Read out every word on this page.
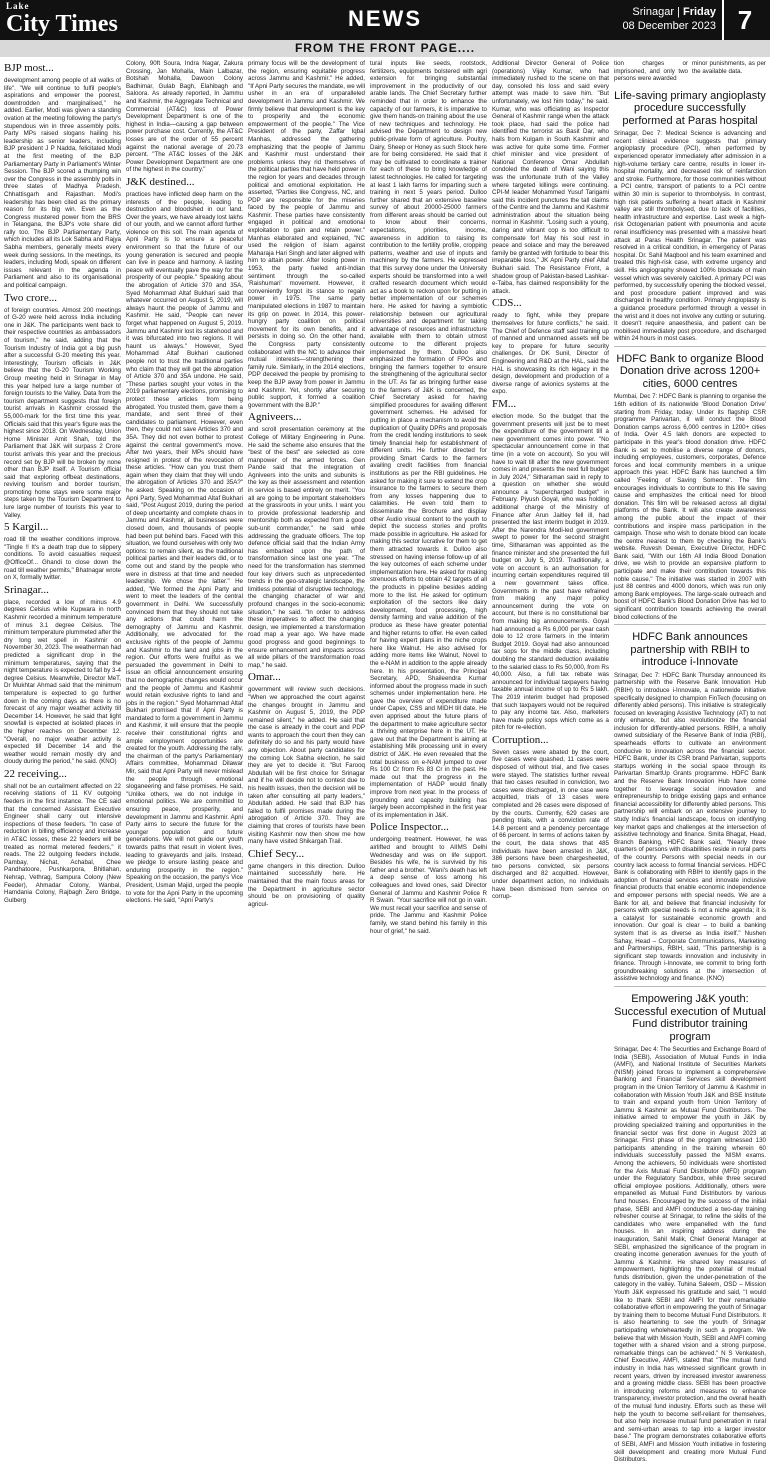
Lake
City Times	NEWS	Srinagar | Friday
08 December 2023 7
FROM THE FRONT PAGE....
BJP most...

development among people of all walks of life". "We will continue to fulfil people's aspirations and empower the poorest, downtrodden and marginalised," he added. Earlier, Modi was given a standing ovation at the meeting following the party's stupendous win in three assembly polls. Party MPs raised slogans hailing his leadership as senior leaders, including BJP president J P Nadda, felicitated Modi at the first meeting of the BJP Parliamentary Party in Parliament's Winter Session. The BJP scored a thumping win over the Congress in the assembly polls in three states of Madhya Pradesh, Chhattisgarh and Rajasthan. Modi's leadership has been cited as the primary reason for its big win. Even as the Congress mustered power from the BRS in Telangana, the BJP's vote share did rally too. The BJP Parliamentary Party, which includes all its Lok Sabha and Rajya Sabha members, generally meets every week during sessions. In the meetings, its leaders, including Modi, speak on different issues relevant in the agenda in Parliament and also to its organisational and political campaign.

Two crore...

of foreign countries. Almost 200 meetings of G-20 were held across India including one in J&K. The participants went back to their respective countries as ambassadors of tourism," he said, adding that the Tourism Industry of India got a big push after a successful G-20 meeting this year. Interestingly, Tourism officials in J&K believe that the G-20 Tourism Working Group meeting held in Srinagar in May this year helped lure a large number of foreign tourists to the Valley. Data from the tourism department suggests that foreign tourist arrivals in Kashmir crossed the 55,000-mark for the first time this year. Officials said that this year's figure was the highest since 2018. On Wednesday, Union Home Minister Amit Shah, told the Parliament that J&K will surpass 2 Crore tourist arrivals this year and the precious record set by BJP will be broken by none other than BJP itself. A Tourism official said that exploring offbeat destinations, reviving tourism and border tourism, promoting home stays were some major steps taken by the Tourism Department to lure large number of tourists this year to Valley.

5 Kargil...

road till the weather conditions improve. "Tingle !! It's a death trap due to slippery conditions. To avoid casualties request @OfficeOf... Ghandi to close down the road till weather permits," Bhatnagar wrote on X, formally twitter.

Srinagar...

place, recorded a low of minus 4.9 degrees Celsius while Kupwara in north Kashmir recorded a minimum temperature of minus 3.1 degree Celsius. The minimum temperature plummeted after the dry long wet spell in Kashmir on November 30, 2023. The weatherman had predicted a significant drop in the minimum temperatures, saying that the night temperature is expected to fall by 3-4 degree Celsius. Meanwhile, Director MeT, Dr Mukhtar Ahmad said that the minimum temperature is expected to go further down in the coming days as there is no forecast of any major weather activity till December 14. However, he said that light snowfall is expected at isolated places in the higher reaches on December 12. "Overall, no major weather activity is expected till December 14 and the weather would remain mostly dry and cloudy during the period," he said. (KNO)

22 receiving...

shall not be an curtailment affected on 22 receiving stations of 11 KV outgoing feeders in the first instance. The CE said that the concerned Assistant Executive Engineer shall carry out intensive inspections of these feeders. "In case of reduction in billing efficiency and increase in AT&C losses, these 22 feeders will be treated as normal metered feeders," it reads. The 22 outgoing feeders include, Pambay, Nichat, Achabal, Chee Pandhatoore, Pushkarpora, Bhitlahan, Nehrap, Vethrag, Sampura Colony (New Feeder), Ahmadar Colony, Wanbal, Hamdania Colony, Rajbagh Zero Bridge, Gulberg

Colony, 90ft Soura, Indra Nagar, Zakura Crossing, Jan Mohalla, Main Lalbazar, Botshah Mohalla, Dawoon Colony Badhimar, Gulab Bagh, Elahibagh and Saloora. As already reported, In Jammu and Kashmir, the Aggregate Technical and Commercial (AT&C) loss of Power Development Department is one of the highest in India—causing a gap between power purchase cost. Currently, the AT&C losses are of the order of 55 percent against the national average of 20.73 percent. "The AT&C losses of the J&K Power Development Department are one of the highest in the country."

J&K destined...

practices have inflicted deep harm on the interests of the people, leading to destruction and bloodshed in our land. Over the years, we have already lost lakhs of our youth, and we cannot afford further violence on this soil. The main agenda of Apni Party is to ensure a peaceful environment so that the future of our young generation is secured and people can live in peace and harmony. A lasting peace will eventually pave the way for the prosperity of our people." Speaking about the abrogation of Article 370 and 35A, Syed Mohammad Altaf Bukhari said that whatever occurred on August 5, 2019, will always haunt the people of Jammu and Kashmir. He said, "People can never forget what happened on August 5, 2019. Jammu and Kashmir lost its statehood and it was bifurcated into two regions. It will haunt us always." However, Syed Mohammad Altaf Bukhari cautioned people not to trust the traditional parties who claim that they will get the abrogation of Article 370 and 35A undone. He said, "These parties sought your votes in the 2019 parliamentary elections, promising to protect these articles from being abrogated. You trusted them, gave them a mandate, and sent three of their candidates to parliament. However, even then, they could not save Articles 370 and 35A. They did not even bother to protest against the central government's move. After two years, their MPs should have resigned in protest of the revocation of these articles. "How can you trust them again when they claim that they will undo the abrogation of Articles 370 and 35A?" he asked. Speaking on the occasion of Apni Party, Syed Mohammad Altaf Bukhari said, "Post August 2019, during the period of deep uncertainty and complete chaos in Jammu and Kashmir, all businesses were closed down, and thousands of people had been put behind bars. Faced with this situation, we found ourselves with only two options: to remain silent, as the traditional political parties and their leaders did, or to come out and stand by the people who were in distress at that time and needed leadership. We chose the latter." He added, "We formed the Apni Party and went to meet the leaders of the central government in Delhi. We successfully convinced them that they should not take any actions that could harm the demography of Jammu and Kashmir. Additionally, we advocated for the exclusive rights of the people of Jammu and Kashmir to the land and jobs in the region. Our efforts were fruitful as we persuaded the government in Delhi to issue an official announcement ensuring that no demographic changes would occur and the people of Jammu and Kashmir would retain exclusive rights to land and jobs in the region." Syed Mohammad Altaf Bukhari promised that if Apni Party is mandated to form a government in Jammu and Kashmir, it will ensure that the people receive their constitutional rights and ample employment opportunities are created for the youth. Addressing the rally, the chairman of the party's Parliamentary Affairs committee, Mohammad Dilawar Mir, said that Apni Party will never mislead the people through emotional sloganeering and false promises. He said, "Unlike others, we do not indulge in emotional politics. We are committed to ensuring peace, prosperity, and development in Jammu and Kashmir. Apni Party aims to secure the future for the younger population and future generations. We will not guide our youth towards paths that result in violent lives, leading to graveyards and jails. Instead, we pledge to ensure lasting peace and enduring prosperity in the region." Speaking on the occasion, the party's Vice President, Usman Majid, urged the people to vote for the Apni Party in the upcoming elections. He said, "Apni Party's

primary focus will be the development of the region, ensuring equitable progress across Jammu and Kashmir." He added, "If Apni Party secures the mandate, we will usher in an era of unparalleled development in Jammu and Kashmir. We firmly believe that development is the key to prosperity and the economic empowerment of the people." The Vice President of the party, Zaffar Iqbal Manhas, addressed the gathering emphasizing that the people of Jammu and Kashmir must understand their problems unless they rid themselves of the political parties that have held power in the region for years and decades through political and emotional exploitation. He asserted, "Parties like Congress, NC, and PDP are responsible for the miseries faced by the people of Jammu and Kashmir. These parties have consistently engaged in political and emotional exploitation to gain and retain power." Manhas elaborated and explained, "NC used the religion of Islam against Maharaja Hari Singh and later aligned with him to attain power. After losing power in 1953, the party fueled anti-Indian sentiment through the so-called 'Raishumari' movement. However, it conveniently forgot its stance to regain power in 1975. The same party manipulated elections in 1987 to maintain its grip on power. In 2014, this power-hungry party coalition on political movement for its own benefits, and it persists in doing so. On the other hand, the Congress party consistently collaborated with the NC to advance their mutual interests—strengthening their family rule. Similarly, in the 2014 elections, PDP deceived the people by promising to keep the BJP away from power in Jammu and Kashmir. Yet, shortly after securing public support, it formed a coalition government with the BJP."

Agniveers...

and scroll presentation ceremony at the College of Military Engineering in Pune. He said the scheme also ensures that the "best of the best" are selected as core manpower of the armed forces. Gen Pande said that the integration of Agniveers into the units and subunits is the key as their assessment and retention in service is based entirely on merit. "You all are going to be important stakeholders at the grassroots in your units. I want you to provide professional leadership and mentorship both as expected from a good sub-unit commander," he said while addressing the graduate officers. The top defence official said that the Indian Army has embarked upon the path of transformation since last one year. "The need for the transformation has stemmed four key drivers such as unprecedented trends in the geo-strategic landscape, the limitless potential of disruptive technology, the changing character of war and profound changes in the socio-economic situation," he said. "In order to address these imperatives to affect the changing design, we implemented a transformation road map a year ago. We have made good progress and good beginnings to ensure enhancement and impacts across all wide pillars of the transformation road map," he said.

Omar...

government will review such decisions. "When we approached the court against the changes brought in Jammu and Kashmir on August 5, 2019, the PDP remained silent," he added. He said that the case is already in the court and PDP wants to approach the court then they can definitely do so and his party would have any objection. About party candidates for the coming Lok Sabha election, he said they are yet to decide it. "But Farooq Abdullah will be first choice for Srinagar and if he will decide not to contest due to his health issues, then the decision will be taken after consulting all party leaders," Abdullah added. He said that BJP has failed to fulfil promises made during the abrogation of Article 370. They are claiming that crores of tourists have been visiting Kashmir now then show me how many have visited Shikargah Trail.

Chief Secy...

game changers in this direction. Dulloo maintained successfully here. He maintained that the main focus areas for the Department in agriculture sector should be on provisioning of quality agricul-

tural inputs like seeds, rootstock, fertilizers, equipments bolstered with agri extension for bringing substantial improvement in the productivity of our arable lands. The Chief Secretary further reminded that in order to enhance the capacity of our farmers, it is imperative to give them hands-on training about the use of new techniques and technology. He advised the Department to design new public-private form of agriculture. Poultry, Dairy, Sheep or Honey as such Stock here are for being considered. He said that it may be cultivated to coordinate a trainer for each of these to bring knowledge of latest technologies. He called for targeting at least 1 lakh farms for imparting such a training in next 5 years period. Dulloo further shared that an extensive baseline survey of about 20000-25000 farmers from different areas should be carried out to know about their concerns, expectations, priorities, income, awareness in addition to raising its contribution to the fertility profile, cropping patterns, weather and use of inputs and machinery by the farmers. He expressed that this survey done under the University experts should be transformed into a well crafted research document which would act as a book to reckon upon for putting in better implementation of our schemes here. He asked for having a symbiotic relationship between our agricultural universities and department for taking advantage of resources and infrastructure available with them to obtain utmost outcome to the different projects implemented by them. Dulloo also emphasized the formation of FPOs and bringing the farmers together to ensure the strengthening of the agricultural sector in the UT. As far as bringing further ease to the farmers of J&K is concerned, the Chief Secretary asked for having simplified procedures for availing different government schemes. He advised for putting in place a mechanism to avoid the duplication of Quality DPRs and proposals from the credit lending institutions to seek timely financial help for establishment of different units. He further directed for providing Smart Cards to the farmers availing credit facilities from financial institutions as per the RBI guidelines. He asked for making it sure to extend the crop insurance to the farmers to secure them from any losses happening due to calamities. He even told them to disseminate the Brochure and display other Audio visual content to the youth to depict the success stories and profits made possible in agriculture. He asked for making this sector lucrative for them to get them attracted towards it. Dulloo also stressed on having intense follow-up of all the key outcomes of each scheme under implementation here. He asked for making strenuous efforts to obtain 42 targets of all the products in pipeline besides adding more to the list. He asked for optimum exploitation of the sectors like dairy development, food processing, high density farming and value addition of the produce as these have greater potential and higher returns to offer. He even called for having expert plans in the niche crops here like Walnut. He also advised for adding more items like Walnut, Novel to the e-NAM in addition to the apple already here. In his presentation, the Principal Secretary, APD, Shaileendra Kumar informed about the progress made in such schemes under implementation here. He gave the overview of expenditure made under Capex, CSS and MIDH till date. He even apprised about the future plans of the department to make agriculture sector a thriving enterprise here in the UT. He gave out that the Department is aiming at establishing Milk processing unit in every district of J&K. He even revealed that the total business on e-NAM jumped to over Rs 100 Cr from Rs 83 Cr in the past. He made out that the progress in the implementation of HADP would finally improve from next year. In the process of grounding and capacity building has largely been accomplished in the first year of its implementation in J&K.

Police Inspector...

undergoing treatment. However, he was airlifted and brought to AIIMS Delhi Wednesday and was on life support. Besides his wife, he is survived by his father and a brother. "Wani's death has left a deep sense of loss among his colleagues and loved ones, said Director General of Jammu and Kashmir Police R R Swain. "Your sacrifice will not go in vain. We must recall your sacrifice and sense of pride. The Jammu and Kashmir Police family, we stand behind his family in this hour of grief," he said.

Additional Director General of Police (operations) Vijay Kumar, who had immediately rushed to the scene on that day, consoled his loss and said every attempt was made to save him. "But unfortunately, we lost him today," he said. Kumar, who was officiating as Inspector General of Kashmir range when the attack took place, had said the police had identified the terrorist as Basit Dar, who hails from Kulgam in South Kashmir and was active for quite some time. Former chief minister and vice president of National Conference Omar Abdullah condoled the death of Wani saying this was the unfortunate truth of the Valley where targeted killings were continuing. CPI-M leader Mohammed Yusuf Tarigami said this incident punctures the tall claims of the Centre and the Jammu and Kashmir administration about the situation being normal in Kashmir. "Losing such a young, daring and vibrant cop is too difficult to compensate for! May his soul rest in peace and solace and may the bereaved family be granted with fortitude to bear this irreparable loss," JK Apni Party chief Altaf Bukhari said. The Resistance Front, a shadow group of Pakistan-based Lashkar-e-Taiba, has claimed responsibility for the attack.

CDS...

ready to fight, while they prepare themselves for future conflicts," he said. The Chief of Defence staff said training up of manned and unmanned assets will be key to prepare for future security challenges. Dr DK Sunil, Director of Engineering and R&D at the HAL, said the HAL is showcasing its rich legacy in the design, development and production of a diverse range of avionics systems at the expo.

FM...

election mode. So the budget that the government presents will just be to meet the expenditure of the government till a new government comes into power. "No spectacular announcement come in that time (in a vote on account). So you will have to wait till after the new government comes in and presents the next full budget in July 2024," Sitharaman said in reply to a question on whether she would announce a "supercharged budget" in February. Piyush Goyal, who was holding additional charge of the Ministry of Finance after Arun Jaitley fell ill, had presented the last interim budget in 2019. After the Narendra Modi-led government swept to power for the second straight time, Sitharaman was appointed as the finance minister and she presented the full budget on July 5, 2019. Traditionally, a vote on account is an authorisation for incurring certain expenditures required till a new government takes office. Governments in the past have refrained from making any major policy announcement during the vote on account, but there is no constitutional bar from making big announcements. Goyal had announced a Rs 6,000 per year cash dole to 12 crore farmers in the Interim Budget 2019. Goyal had also announced tax sops for the middle class, including doubling the standard deduction available to the salaried class to Rs 50,000, from Rs 40,000. Also, a full tax rebate was announced for individual taxpayers having taxable annual income of up to Rs 5 lakh. The 2019 interim budget had proposed that such taxpayers would not be required to pay any income tax. Also, marketers have made policy sops which come as a pitch for re-election.

Corruption...

Seven cases were abated by the court, five cases were quashed, 11 cases were disposed of without trial, and five cases were stayed. The statistics further reveal that two cases resulted in conviction, two cases were discharged, in one case were acquitted, trials of 13 cases were completed and 26 cases were disposed of by the courts. Currently, 629 cases are pending trials, with a conviction rate of 14.8 percent and a pendency percentage of 66 percent. In terms of actions taken by the court, the data shows that 485 individuals have been arrested in J&K, 386 persons have been chargesheeted, two persons convicted, six persons discharged and 82 acquitted. However, under department action, no individuals have been dismissed from service on corrup-

tion charges or imprisoned, and only two persons were awarded

minor punishments, as per the available data.

Life-saving primary angioplasty procedure successfully performed at Paras hospital

Srinagar, Dec 7: Medical Science is advancing and recent clinical evidence suggests that primary angioplasty procedure (PCI), when performed by experienced operator immediately after admission in a high-volume tertiary care centre, results in lower in-hospital mortality, and decreased risk of reinfarction and stroke. Furthermore, for those communities without a PCI centre, transport of patients to a PCI centre within 30 min is superior to thrombolysis. In contrast, high risk patients suffering a heart attack in Kashmir valley are still thrombolysed, due to lack of facilities, health infrastructure and expertise. Last week a high-risk Octogenarian patient with pneumonia and acute renal insufficiency was presented with a massive heart attack at Paras Health Srinagar. The patient was resolved in a critical condition, in emergency of Paras hospital. Dr. Sahil Maqbool and his team examined and treated this high-risk case, with extreme urgency and skill. His angiography showed 100% blockade of main vessel which was severely calcified. A primary PCI was performed, by successfully opening the blocked vessel, and post procedure patient improved and was discharged in healthy condition. Primary Angioplasty is a guidance procedure performed through a vessel in the wrist and it does not involve any cutting or suturing. It doesn't require anaesthesia, and patient can be mobilised immediately post procedure, and discharged within 24 hours in most cases.

HDFC Bank to organize Blood Donation drive across 1200+ cities, 6000 centres

Mumbai, Dec 7: HDFC Bank is planning to organise the 16th edition of its nationwide 'Blood Donation Drive' starting from Friday, today. Under its flagship CSR programme Parivartan, it will conduct the Blood Donation camps across 6,000 centres in 1200+ cities of India. Over 4.5 lakh donors are expected to participate in this year's blood donation drive. HDFC Bank is set to mobilise a diverse range of donors, including employees, customers, corporates, Defence forces and local community members in a unique approach this year. HDFC Bank has launched a film called 'Feeling of Saving Someone'. The film encourages individuals to contribute to this life saving cause and emphasizes the critical need for blood donation. This film will be released across all digital platforms of the Bank. It will also create awareness among the public about the impact of their contributions and inspire mass participation in the campaign. Those who wish to donate blood can locate the centre nearest to them by checking the Bank's website. Ruvesh Dewan, Executive Director, HDFC Bank said, "With our 16th All India Blood Donation drive, we wish to provide an expansive platform to participate and make their contribution towards this noble cause." The initiative was started in 2007 with just 88 centres and 4000 donors, which was run only among Bank employees. The large-scale outreach and boost of HDFC Bank's Blood Donation Drive has led to significant contribution towards achieving the overall blood collections of the

HDFC Bank announces partnership with RBIH to introduce i-Innovate

Srinagar, Dec 7: HDFC Bank Thursday announced its partnership with the Reserve Bank Innovation Hub (RBIH) to introduce i-Innovate, a nationwide initiative specifically designed to champion FinTech (focusing on differently abled persons). This initiative is strategically focused on leveraging Assistive Technology (AT) to not only enhance, but also revolutionize the financial inclusion for differently-abled persons. RBIH, a wholly owned subsidiary of the Reserve Bank of India (RBI), spearheads efforts to cultivate an environment conducive to innovation across the financial sector. HDFC Bank, under its CSR brand Parivartan, supports startups working in the social space through its Parivartan SmartUp Grants programme. HDFC Bank and the Reserve Bank Innovation Hub have come together to leverage social innovation and entrepreneurship to bridge existing gaps and enhance financial accessibility for differently abled persons. This partnership will embark on an extensive journey to study India's financial landscape, focus on identifying key market gaps and challenges at the intersection of assistive technology and finance. Smita Bhagat, Head, Branch Banking, HDFC Bank said, "Nearly three quarters of persons with disabilities reside in rural parts of the country. Persons with special needs in our country lack access to formal financial services. HDFC Bank is collaborating with RBIH to identify gaps in the adoption of financial services and innovate inclusive financial products that enable economic independence and empower persons with special needs. We are a Bank for all, and believe that financial inclusivity for persons with special needs is not a niche agenda; it is a catalyst for sustainable economic growth and innovation. Our goal is clear – to build a banking system that is as diverse as India itself." Nushen Sahay, Head – Corporate Communications, Marketing and Partnerships, RBIH, said, "This partnership is a significant step towards innovation and inclusivity in finance. Through i-Innovate, we commit to bring forth groundbreaking solutions at the intersection of assistive technology and finance. (KNO)

Empowering J&K youth: Successful execution of Mutual Fund distributor training program

Srinagar, Dec 4: The Securities and Exchange Board of India (SEBI), Association of Mutual Funds in India (AMFI), and National Institute of Securities Markets (NISM) joined forces to implement a comprehensive Banking and Financial Services skill development program in the Union Territory of Jammu & Kashmir in collaboration with Mission Youth J&K and BSE Institute to train and expand youth from Union Territory of Jammu & Kashmir as Mutual Fund Distributors. The initiative aimed to empower the youth in J&K by providing specialized training and opportunities in the financial sector was first done in August 2023 at Srinagar. First phase of the program witnessed 130 participants attending in the training wherein 60 individuals successfully passed the NISM exams. Among the achievers, 50 individuals were shortlisted for the Axis Mutual Fund Distributor (MFD) program under the Regulatory Sandbox, while three secured official employee positions. Additionally, others were empanelled as Mutual Fund Distributors by various fund houses. Encouraged by the success of the initial phase, SEBI and AMFI conducted a two-day training refresher course at Srinagar, to refine the skills of the candidates who were empanelled with the fund houses. In an inspiring address during the inauguration, Sahil Malik, Chief General Manager at SEBI, emphasized the significance of the program in creating income generation avenues for the youth of Jammu & Kashmir. He shared key measures of empowerment, highlighting the potential of mutual funds distribution, given the under-penetration of the category in the valley. Tuhina Saleem, OSD – Mission Youth J&K expressed his gratitude and said, "I would like to thank SEBI and AMFI for their remarkable collaborative effort in empowering the youth of Srinagar by training them to become Mutual Fund Distributors. It is also heartening to see the youth of Srinagar participating wholeheartedly in such a program. We believe that with Mission Youth, SEBI and AMFI coming together with a shared vision and a strong purpose, remarkable things can be achieved." N S Venkatesh, Chief Executive, AMFI, stated that "The mutual fund industry in India has witnessed significant growth in recent years, driven by increased investor awareness and a growing middle class. SEBI has been proactive in introducing reforms and measures to enhance transparency, investor protection, and the overall health of the mutual fund industry. Efforts such as these will help the youth to become self-reliant for themselves, but also help increase mutual fund penetration in rural and semi-urban areas to tap into a larger investor base." The program demonstrates collaborative efforts of SEBI, AMFI and Mission Youth initiative in fostering skill development and creating more Mutual Fund Distributors.
